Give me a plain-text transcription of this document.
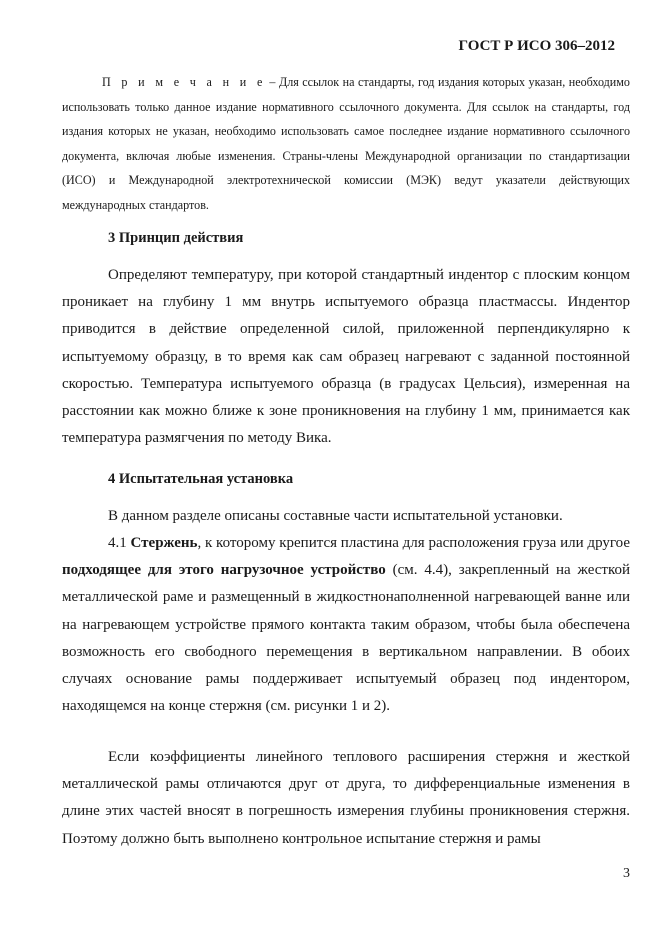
ГОСТ Р ИСО 306–2012
П р и м е ч а н и е – Для ссылок на стандарты, год издания которых указан, необходимо использовать только данное издание нормативного ссылочного документа. Для ссылок на стандарты, год издания которых не указан, необходимо использовать самое последнее издание нормативного ссылочного документа, включая любые изменения. Страны-члены Международной организации по стандартизации (ИСО) и Международной электротехнической комиссии (МЭК) ведут указатели действующих международных стандартов.
3 Принцип действия
Определяют температуру, при которой стандартный индентор с плоским концом проникает на глубину 1 мм внутрь испытуемого образца пластмассы. Индентор приводится в действие определенной силой, приложенной перпендикулярно к испытуемому образцу, в то время как сам образец нагревают с заданной постоянной скоростью. Температура испытуемого образца (в градусах Цельсия), измеренная на расстоянии как можно ближе к зоне проникновения на глубину 1 мм, принимается как температура размягчения по методу Вика.
4 Испытательная установка
В данном разделе описаны составные части испытательной установки.
4.1 Стержень, к которому крепится пластина для расположения груза или другое подходящее для этого нагрузочное устройство (см. 4.4), закрепленный на жесткой металлической раме и размещенный в жидкостнонаполненной нагревающей ванне или на нагревающем устройстве прямого контакта таким образом, чтобы была обеспечена возможность его свободного перемещения в вертикальном направлении. В обоих случаях основание рамы поддерживает испытуемый образец под индентором, находящемся на конце стержня (см. рисунки 1 и 2).
Если коэффициенты линейного теплового расширения стержня и жесткой металлической рамы отличаются друг от друга, то дифференциальные изменения в длине этих частей вносят в погрешность измерения глубины проникновения стержня. Поэтому должно быть выполнено контрольное испытание стержня и рамы
3
